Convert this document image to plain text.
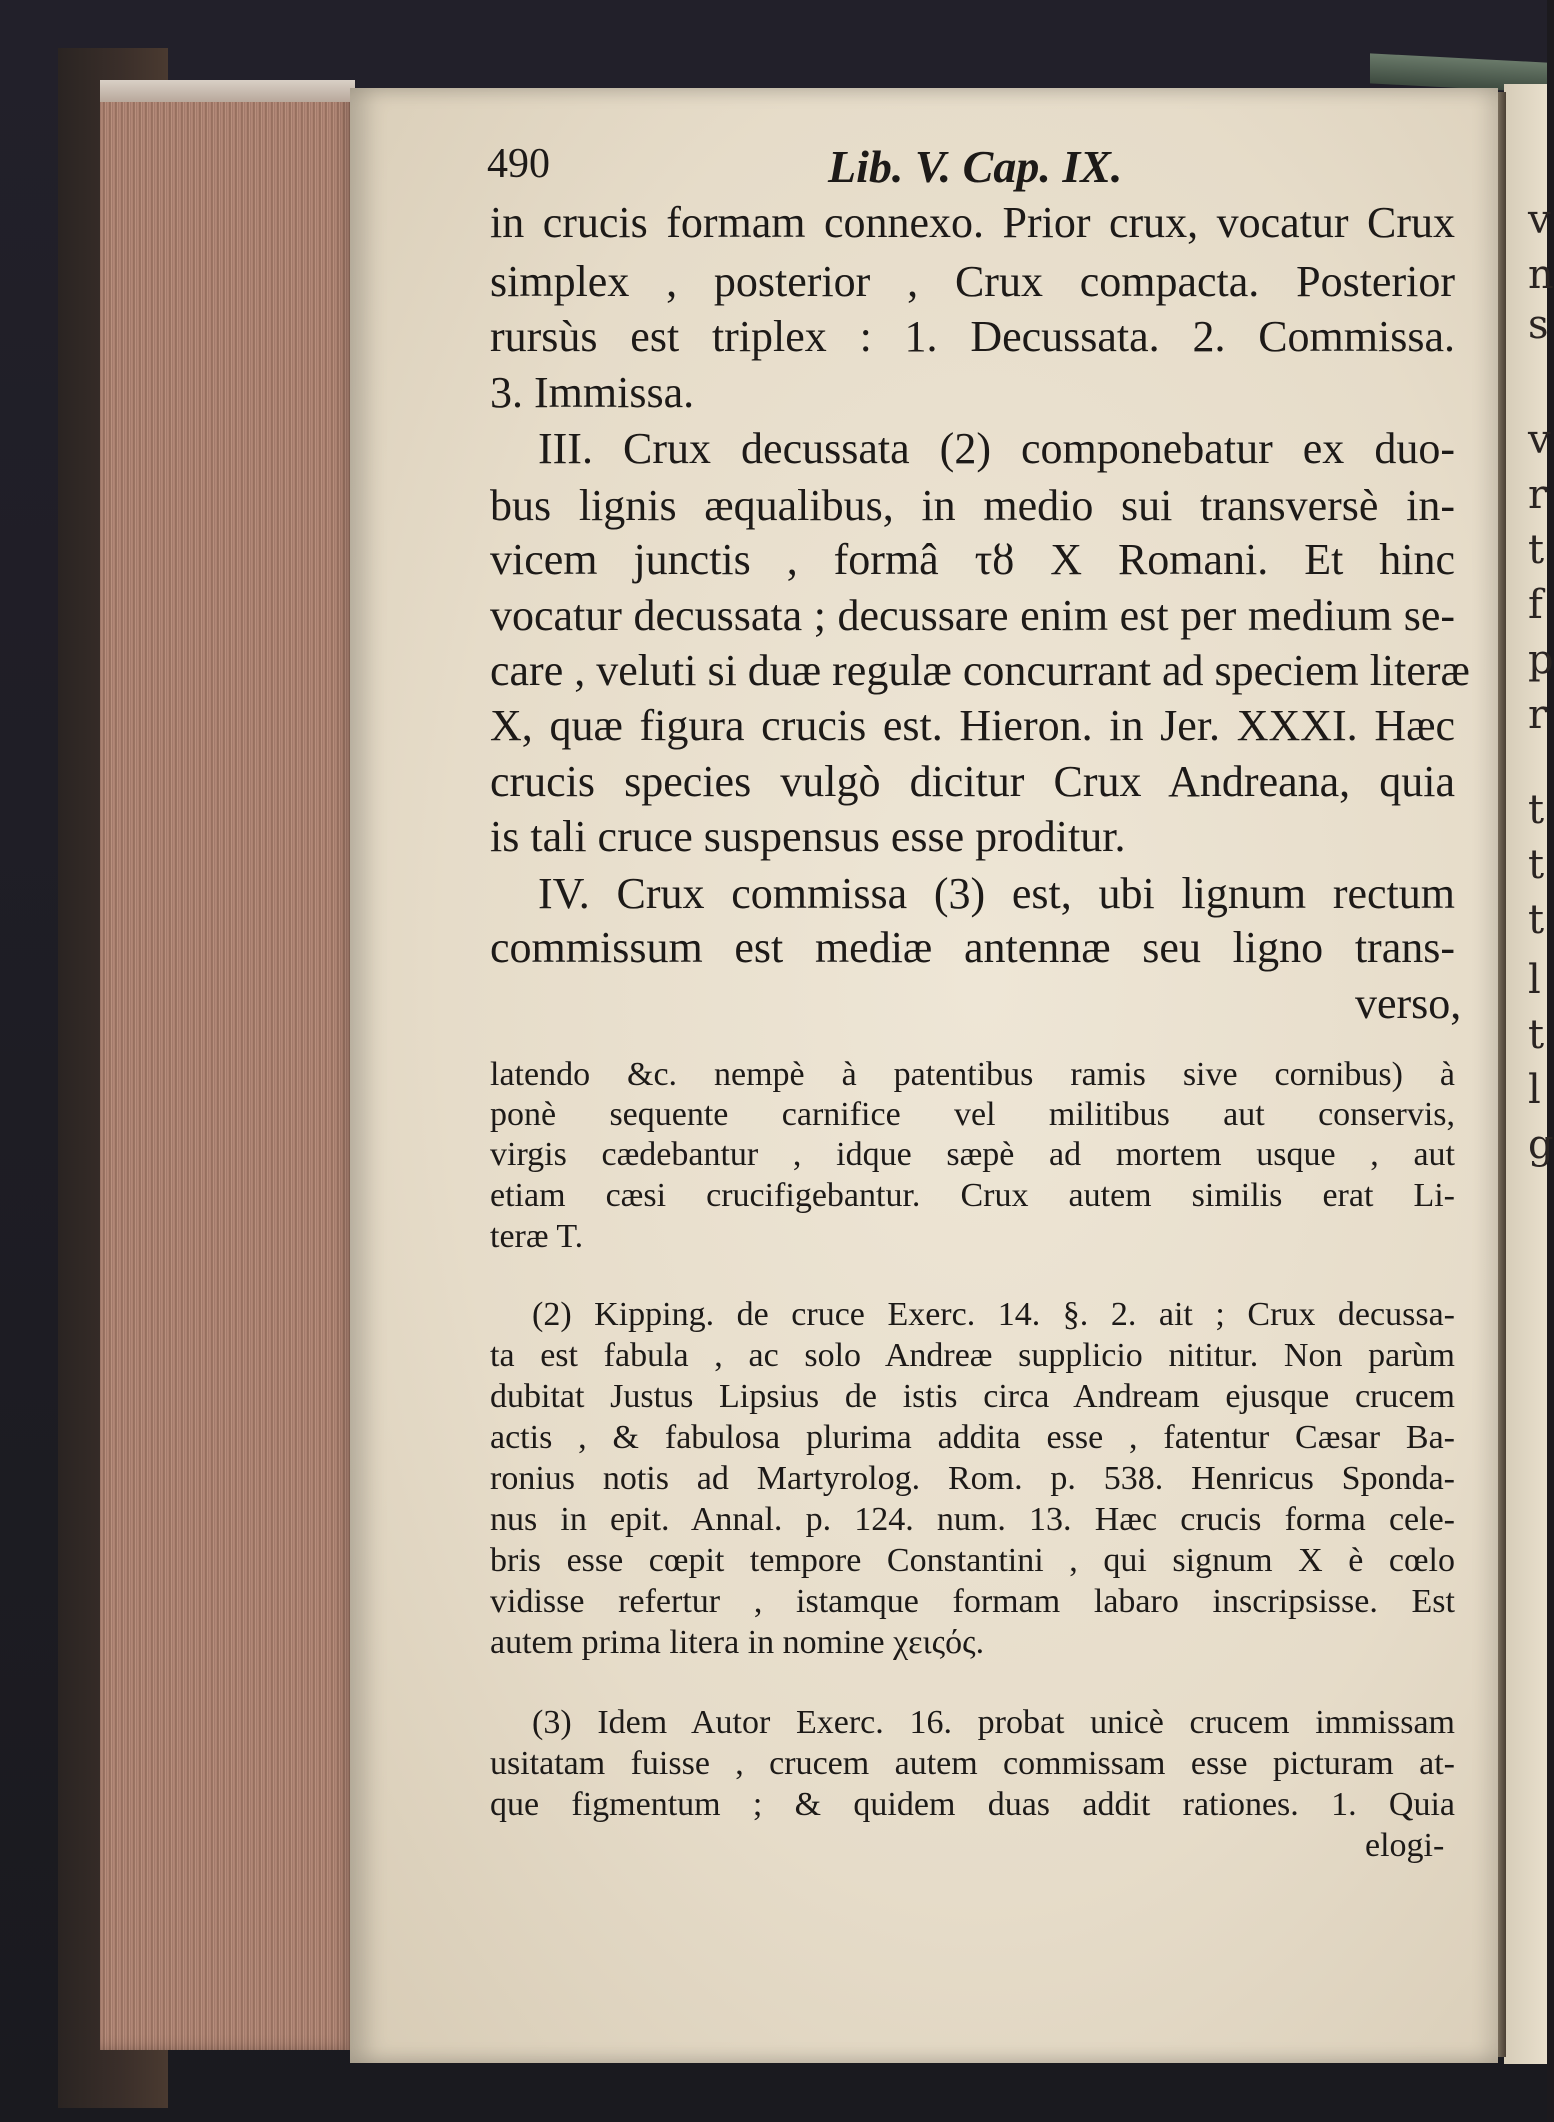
v
n
s
v
r
t
f
p
r
t
t
t
l
t
l
g
490	Lib. V. Cap. IX.
in crucis formam connexo. Prior crux, vocatur Crux
simplex , posterior , Crux compacta. Posterior
rursùs est triplex : 1. Decussata. 2. Commissa.
3. Immissa.
III. Crux decussata (2) componebatur ex duo-
bus lignis æqualibus, in medio sui transversè in-
vicem junctis , formâ τȣ X Romani. Et hinc
vocatur decussata ; decussare enim est per medium se-
care , veluti si duæ regulæ concurrant ad speciem literæ
X, quæ figura crucis est. Hieron. in Jer. XXXI. Hæc
crucis species vulgò dicitur Crux Andreana, quia
is tali cruce suspensus esse proditur.
IV. Crux commissa (3) est, ubi lignum rectum
commissum est mediæ antennæ seu ligno trans-
verso,
latendo &c. nempè à patentibus ramis sive cornibus) à
ponè sequente carnifice vel militibus aut conservis,
virgis cædebantur , idque sæpè ad mortem usque , aut
etiam cæsi crucifigebantur. Crux autem similis erat Li-
teræ T.
(2) Kipping. de cruce Exerc. 14. §. 2. ait ; Crux decussa-
ta est fabula , ac solo Andreæ supplicio nititur. Non parùm
dubitat Justus Lipsius de istis circa Andream ejusque crucem
actis , & fabulosa plurima addita esse , fatentur Cæsar Ba-
ronius notis ad Martyrolog. Rom. p. 538. Henricus Sponda-
nus in epit. Annal. p. 124. num. 13. Hæc crucis forma cele-
bris esse cœpit tempore Constantini , qui signum X è cœlo
vidisse refertur , istamque formam labaro inscripsisse. Est
autem prima litera in nomine χειςός.
(3) Idem Autor Exerc. 16. probat unicè crucem immissam
usitatam fuisse , crucem autem commissam esse picturam at-
que figmentum ; & quidem duas addit rationes. 1. Quia
elogi-
